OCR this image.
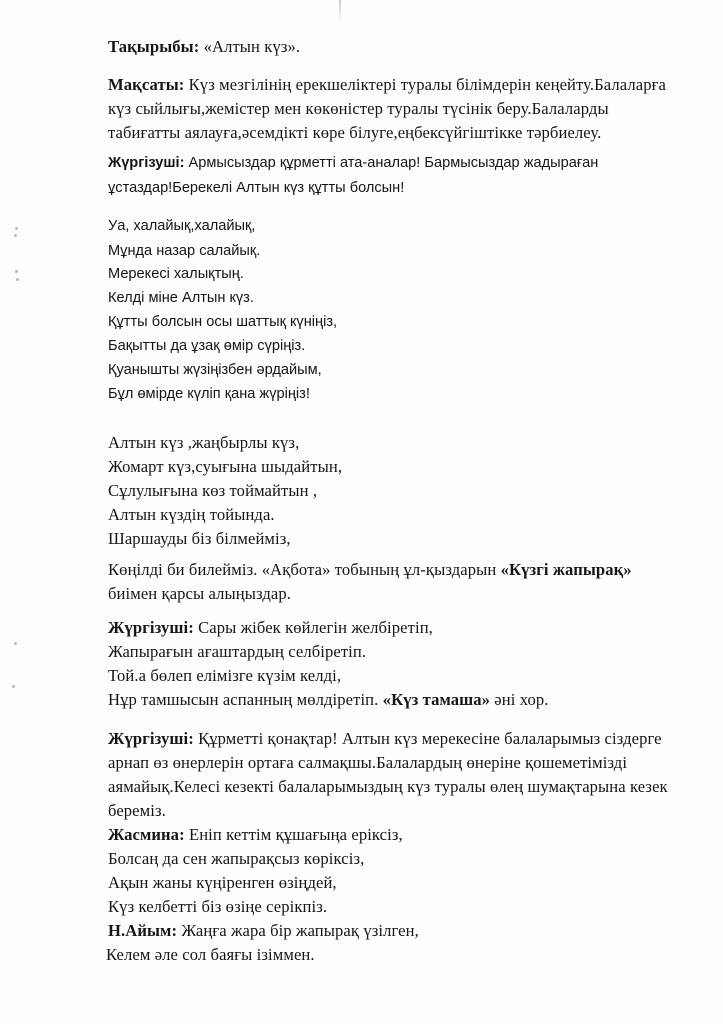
Тақырыбы: «Алтын күз».
Мақсаты: Күз мезгілінің ерекшеліктері туралы білімдерін кеңейту.Балаларға
күз сыйлығы,жемістер мен көкөністер туралы түсінік беру.Балаларды
табиғатты аялауға,әсемдікті көре білуге,еңбексүйгіштікке тәрбиелеу.
Жүргізуші: Армысыздар құрметті ата-аналар! Бармысыздар жадыраған
ұстаздар!Берекелі Алтын күз құтты болсын!
Уа, халайық,халайық,
Мұнда назар салайық.
Мерекесі халықтың.
Келді міне Алтын күз.
Құтты болсын осы шаттық күніңіз,
Бақытты да ұзақ өмір сүріңіз.
Қуанышты жүзіңізбен әрдайым,
Бұл өмірде күліп қана жүріңіз!
Алтын күз ,жаңбырлы күз,
Жомарт күз,суығына шыдайтын,
Сұлулығына көз тоймайтын ,
Алтын күздің тойында.
Шаршауды біз білмейміз,
Көңілді би билейміз. «Ақбота» тобының ұл-қыздарын «Күзгі жапырақ»
биімен қарсы алыңыздар.
Жүргізуші: Сары жібек көйлегін желбіретіп,
Жапырағын ағаштардың селбіретіп.
Той.а бөлеп елімізге күзім келді,
Нұр тамшысын аспанның мөлдіретіп. «Күз тамаша» әні хор.
Жүргізуші: Құрметті қонақтар! Алтын күз мерекесіне балаларымыз сіздерге
арнап өз өнерлерін ортаға салмақшы.Балалардың өнеріне қошеметімізді
аямайық.Келесі кезекті балаларымыздың күз туралы өлең шумақтарына кезек
береміз.
Жасмина: Еніп кеттім құшағыңа еріксіз,
Болсаң да сен жапырақсыз көріксіз,
Ақын жаны күңіренген өзіңдей,
Күз келбетті біз өзіңе серікпіз.
Н.Айым: Жаңға жара бір жапырақ үзілген,
Келем әле сол баяғы ізіммен.
